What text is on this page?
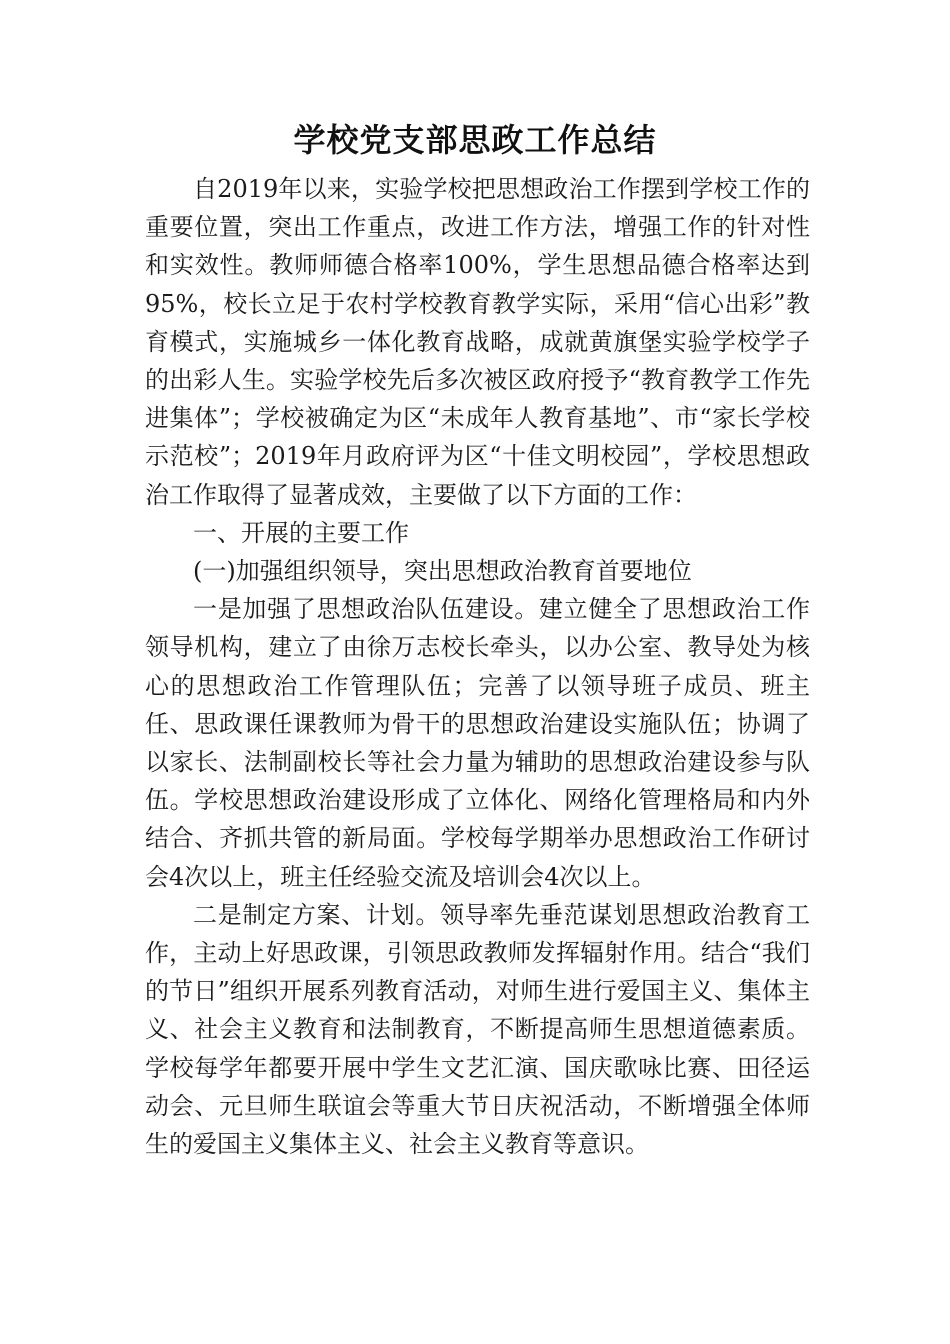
学校党支部思政工作总结

自2019年以来，实验学校把思想政治工作摆到学校工作的重要位置，突出工作重点，改进工作方法，增强工作的针对性和实效性。教师师德合格率100%，学生思想品德合格率达到95%，校长立足于农村学校教育教学实际，采用“信心出彩”教育模式，实施城乡一体化教育战略，成就黄旗堡实验学校学子的出彩人生。实验学校先后多次被区政府授予“教育教学工作先进集体”；学校被确定为区“未成年人教育基地”、市“家长学校示范校”；2019年月政府评为区“十佳文明校园”，学校思想政治工作取得了显著成效，主要做了以下方面的工作：

一、开展的主要工作

(一)加强组织领导，突出思想政治教育首要地位

一是加强了思想政治队伍建设。建立健全了思想政治工作领导机构，建立了由徐万志校长牵头，以办公室、教导处为核心的思想政治工作管理队伍；完善了以领导班子成员、班主任、思政课任课教师为骨干的思想政治建设实施队伍；协调了以家长、法制副校长等社会力量为辅助的思想政治建设参与队伍。学校思想政治建设形成了立体化、网络化管理格局和内外结合、齐抓共管的新局面。学校每学期举办思想政治工作研讨会4次以上，班主任经验交流及培训会4次以上。

二是制定方案、计划。领导率先垂范谋划思想政治教育工作，主动上好思政课，引领思政教师发挥辐射作用。结合“我们的节日”组织开展系列教育活动，对师生进行爱国主义、集体主义、社会主义教育和法制教育，不断提高师生思想道德素质。学校每学年都要开展中学生文艺汇演、国庆歌咏比赛、田径运动会、元旦师生联谊会等重大节日庆祝活动，不断增强全体师生的爱国主义集体主义、社会主义教育等意识。
